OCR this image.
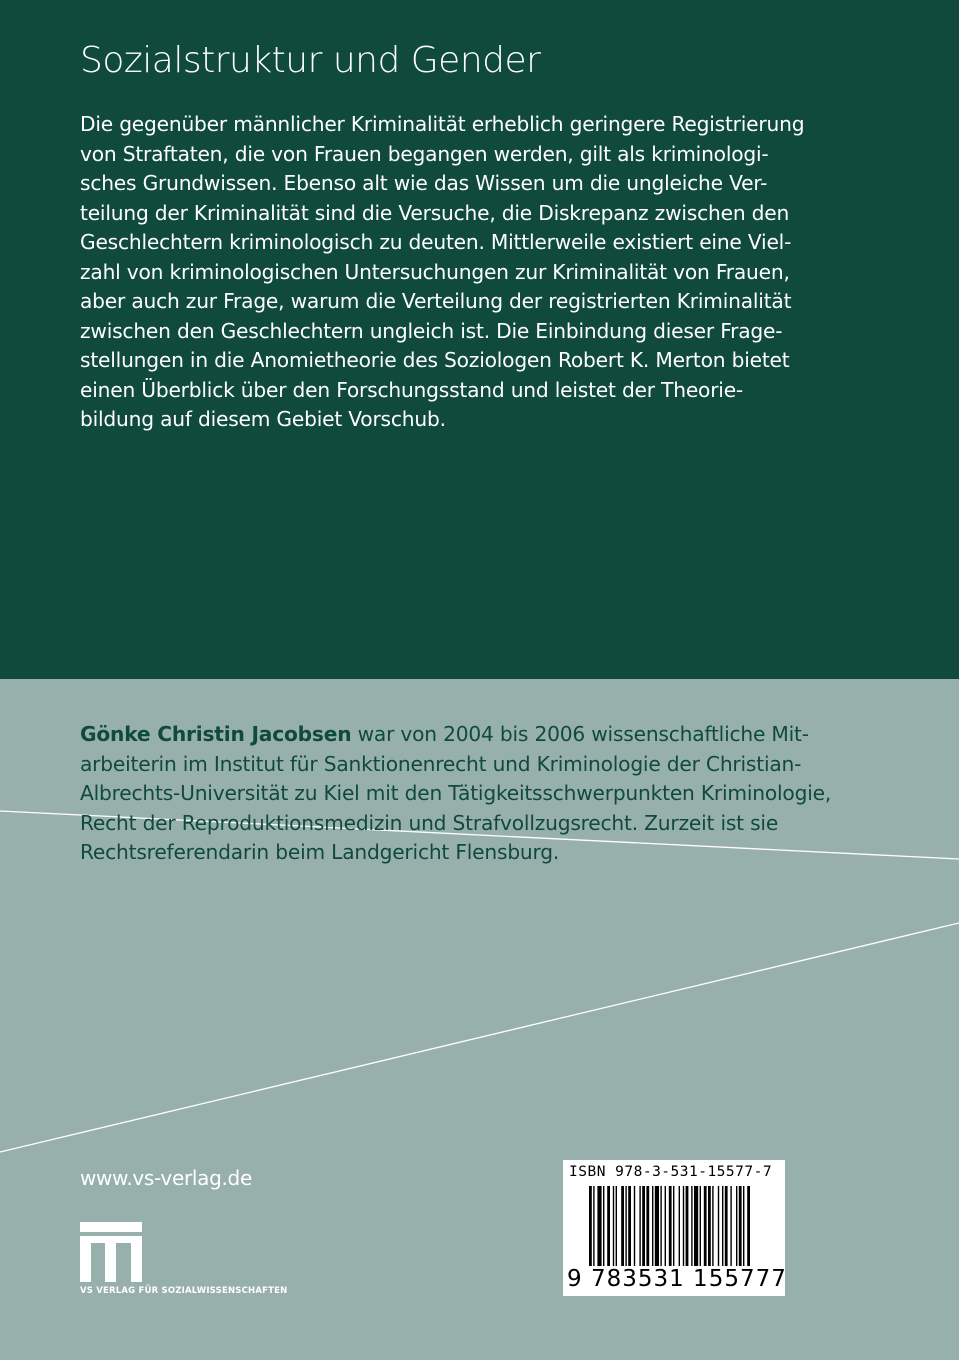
Sozialstruktur und Gender
Die gegenüber männlicher Kriminalität erheblich geringere Registrierung
von Straftaten, die von Frauen begangen werden, gilt als kriminologi-
sches Grundwissen. Ebenso alt wie das Wissen um die ungleiche Ver-
teilung der Kriminalität sind die Versuche, die Diskrepanz zwischen den
Geschlechtern kriminologisch zu deuten. Mittlerweile existiert eine Viel-
zahl von kriminologischen Untersuchungen zur Kriminalität von Frauen,
aber auch zur Frage, warum die Verteilung der registrierten Kriminalität
zwischen den Geschlechtern ungleich ist. Die Einbindung dieser Frage-
stellungen in die Anomietheorie des Soziologen Robert K. Merton bietet
einen Überblick über den Forschungsstand und leistet der Theorie-
bildung auf diesem Gebiet Vorschub.
Gönke Christin Jacobsen war von 2004 bis 2006 wissenschaftliche Mit-
arbeiterin im Institut für Sanktionenrecht und Kriminologie der Christian-
Albrechts-Universität zu Kiel mit den Tätigkeitsschwerpunkten Kriminologie,
Recht der Reproduktionsmedizin und Strafvollzugsrecht. Zurzeit ist sie
Rechtsreferendarin beim Landgericht Flensburg.
www.vs-verlag.de
VS VERLAG FÜR SOZIALWISSENSCHAFTEN
ISBN 978-3-531-15577-7
9 783531 155777
